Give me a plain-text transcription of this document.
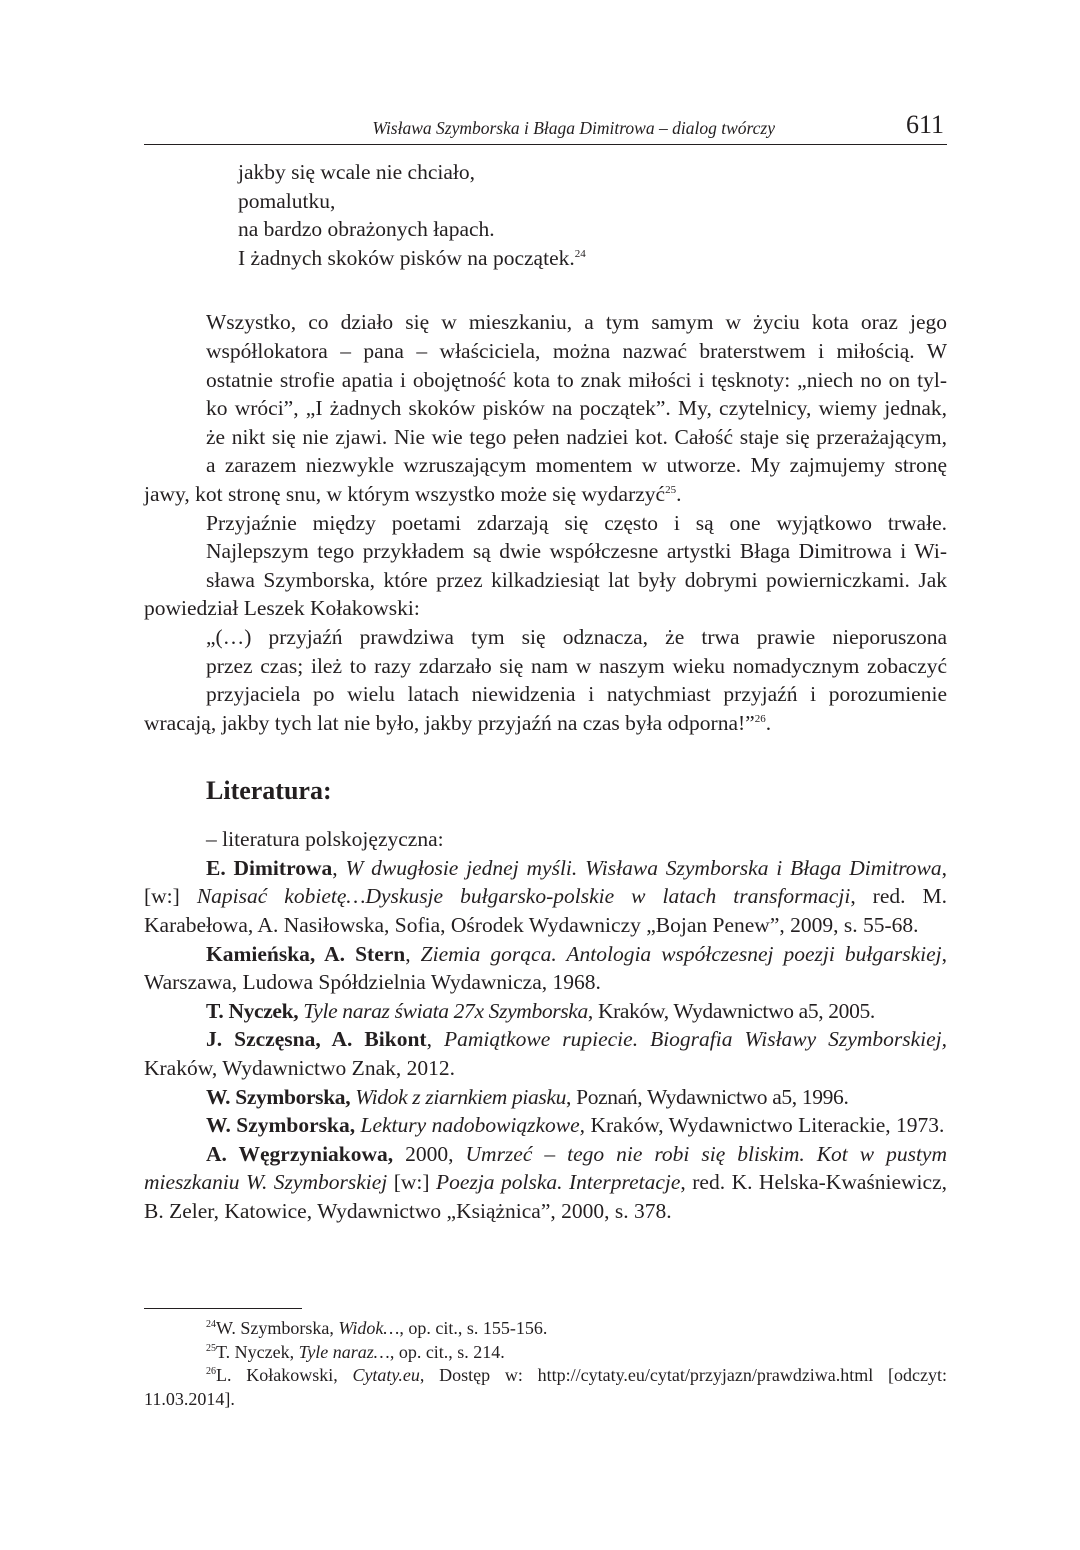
Wisława Szymborska i Błaga Dimitrowa – dialog twórczy	611
jakby się wcale nie chciało,
pomalutku,
na bardzo obrażonych łapach.
I żadnych skoków pisków na początek.$^{24}$

Wszystko, co działo się w mieszkaniu, a tym samym w życiu kota oraz jego
współlokatora – pana – właściciela, można nazwać braterstwem i miłością. W
ostatnie strofie apatia i obojętność kota to znak miłości i tęsknoty: „niech no on tyl-
ko wróci”, „I żadnych skoków pisków na początek”. My, czytelnicy, wiemy jednak,
że nikt się nie zjawi. Nie wie tego pełen nadziei kot. Całość staje się przerażającym,
a zarazem niezwykle wzruszającym momentem w utworze. My zajmujemy stronę
jawy, kot stronę snu, w którym wszystko może się wydarzyć$^{25}$.

Przyjaźnie między poetami zdarzają się często i są one wyjątkowo trwałe.
Najlepszym tego przykładem są dwie współczesne artystki Błaga Dimitrowa i Wi-
sława Szymborska, które przez kilkadziesiąt lat były dobrymi powierniczkami. Jak
powiedział Leszek Kołakowski:

„(…) przyjaźń prawdziwa tym się odznacza, że trwa prawie nieporuszona
przez czas; ileż to razy zdarzało się nam w naszym wieku nomadycznym zobaczyć
przyjaciela po wielu latach niewidzenia i natychmiast przyjaźń i porozumienie
wracają, jakby tych lat nie było, jakby przyjaźń na czas była odporna!”$^{26}$.

Literatura:
– literatura polskojęzyczna:

E. Dimitrowa, W dwugłosie jednej myśli. Wisława Szymborska i Błaga Dimitrowa, [w:] Napisać kobietę…Dyskusje bułgarsko-polskie w latach transformacji, red. M. Karabełowa, A. Nasiłowska, Sofia, Ośrodek Wydawniczy „Bojan Penew”, 2009, s. 55-68.

Kamieńska, A. Stern, Ziemia gorąca. Antologia współczesnej poezji bułgarskiej, Warszawa, Ludowa Spółdzielnia Wydawnicza, 1968.

T. Nyczek, Tyle naraz świata 27x Szymborska, Kraków, Wydawnictwo a5, 2005.

J. Szczęsna, A. Bikont, Pamiątkowe rupiecie. Biografia Wisławy Szymborskiej, Kraków, Wydawnictwo Znak, 2012.

W. Szymborska, Widok z ziarnkiem piasku, Poznań, Wydawnictwo a5, 1996.

W. Szymborska, Lektury nadobowiązkowe, Kraków, Wydawnictwo Literackie, 1973.

A. Węgrzyniakowa, 2000, Umrzeć – tego nie robi się bliskim. Kot w pustym mieszkaniu W. Szymborskiej [w:] Poezja polska. Interpretacje, red. K. Helska-Kwaśniewicz, B. Zeler, Katowice, Wydawnictwo „Książnica”, 2000, s. 378.

$^{24}$W. Szymborska, Widok…, op. cit., s. 155-156.
$^{25}$T. Nyczek, Tyle naraz…, op. cit., s. 214.
$^{26}$L. Kołakowski, Cytaty.eu, Dostęp w: http://cytaty.eu/cytat/przyjazn/prawdziwa.html [odczyt: 11.03.2014].
